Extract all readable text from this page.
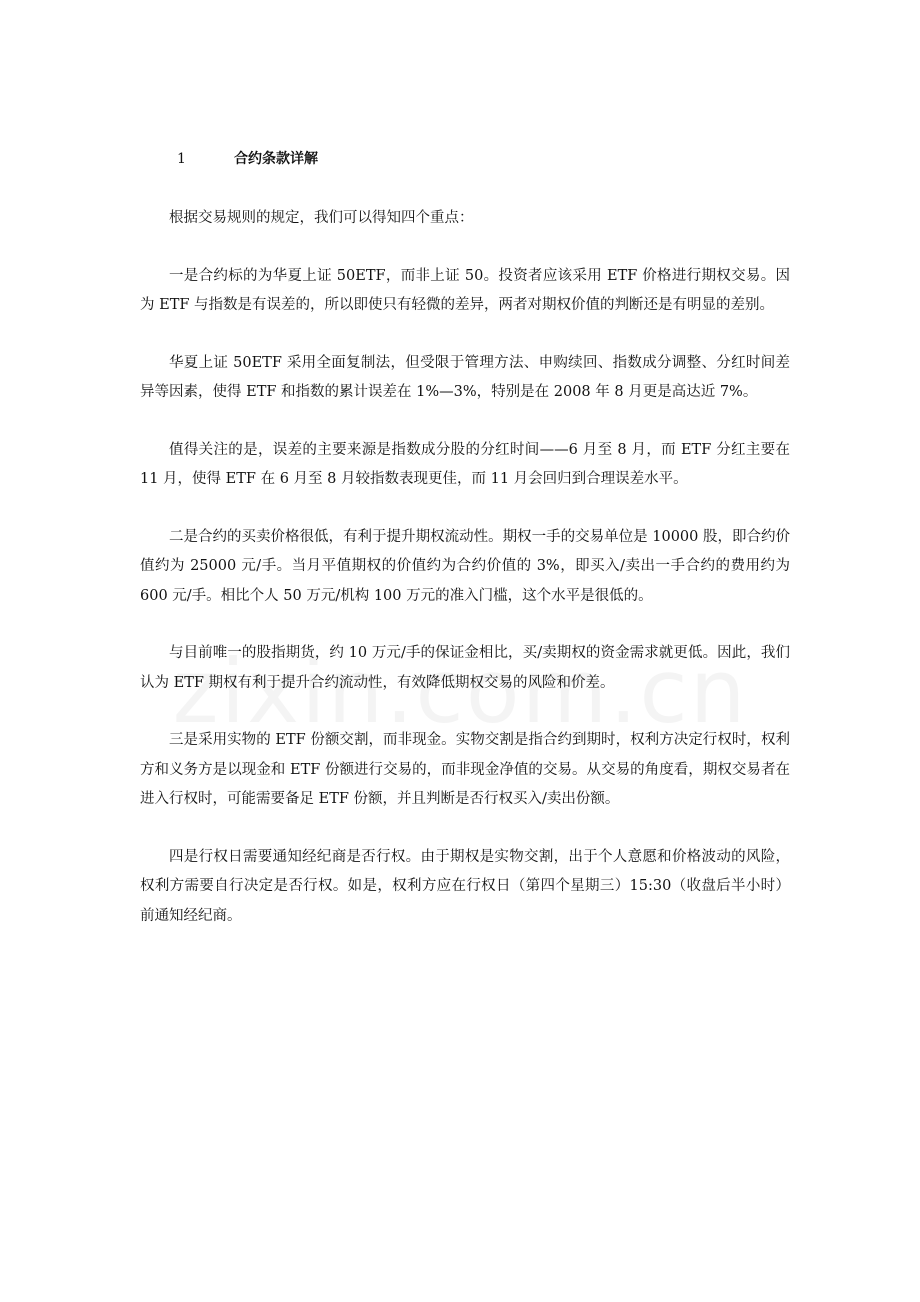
1	合约条款详解

根据交易规则的规定，我们可以得知四个重点：

一是合约标的为华夏上证 50ETF，而非上证 50。投资者应该采用 ETF 价格进行期权交易。因为 ETF 与指数是有误差的，所以即使只有轻微的差异，两者对期权价值的判断还是有明显的差别。

华夏上证 50ETF 采用全面复制法，但受限于管理方法、申购续回、指数成分调整、分红时间差异等因素，使得 ETF 和指数的累计误差在 1%—3%，特别是在 2008 年 8 月更是高达近 7%。

值得关注的是，误差的主要来源是指数成分股的分红时间——6 月至 8 月，而 ETF 分红主要在 11 月，使得 ETF 在 6 月至 8 月较指数表现更佳，而 11 月会回归到合理误差水平。

二是合约的买卖价格很低，有利于提升期权流动性。期权一手的交易单位是 10000 股，即合约价值约为 25000 元/手。当月平值期权的价值约为合约价值的 3%，即买入/卖出一手合约的费用约为 600 元/手。相比个人 50 万元/机构 100 万元的准入门槛，这个水平是很低的。

与目前唯一的股指期货，约 10 万元/手的保证金相比，买/卖期权的资金需求就更低。因此，我们认为 ETF 期权有利于提升合约流动性，有效降低期权交易的风险和价差。

三是采用实物的 ETF 份额交割，而非现金。实物交割是指合约到期时，权利方决定行权时，权利方和义务方是以现金和 ETF 份额进行交易的，而非现金净值的交易。从交易的角度看，期权交易者在进入行权时，可能需要备足 ETF 份额，并且判断是否行权买入/卖出份额。

四是行权日需要通知经纪商是否行权。由于期权是实物交割，出于个人意愿和价格波动的风险，权利方需要自行决定是否行权。如是，权利方应在行权日（第四个星期三）15:30（收盘后半小时）前通知经纪商。
